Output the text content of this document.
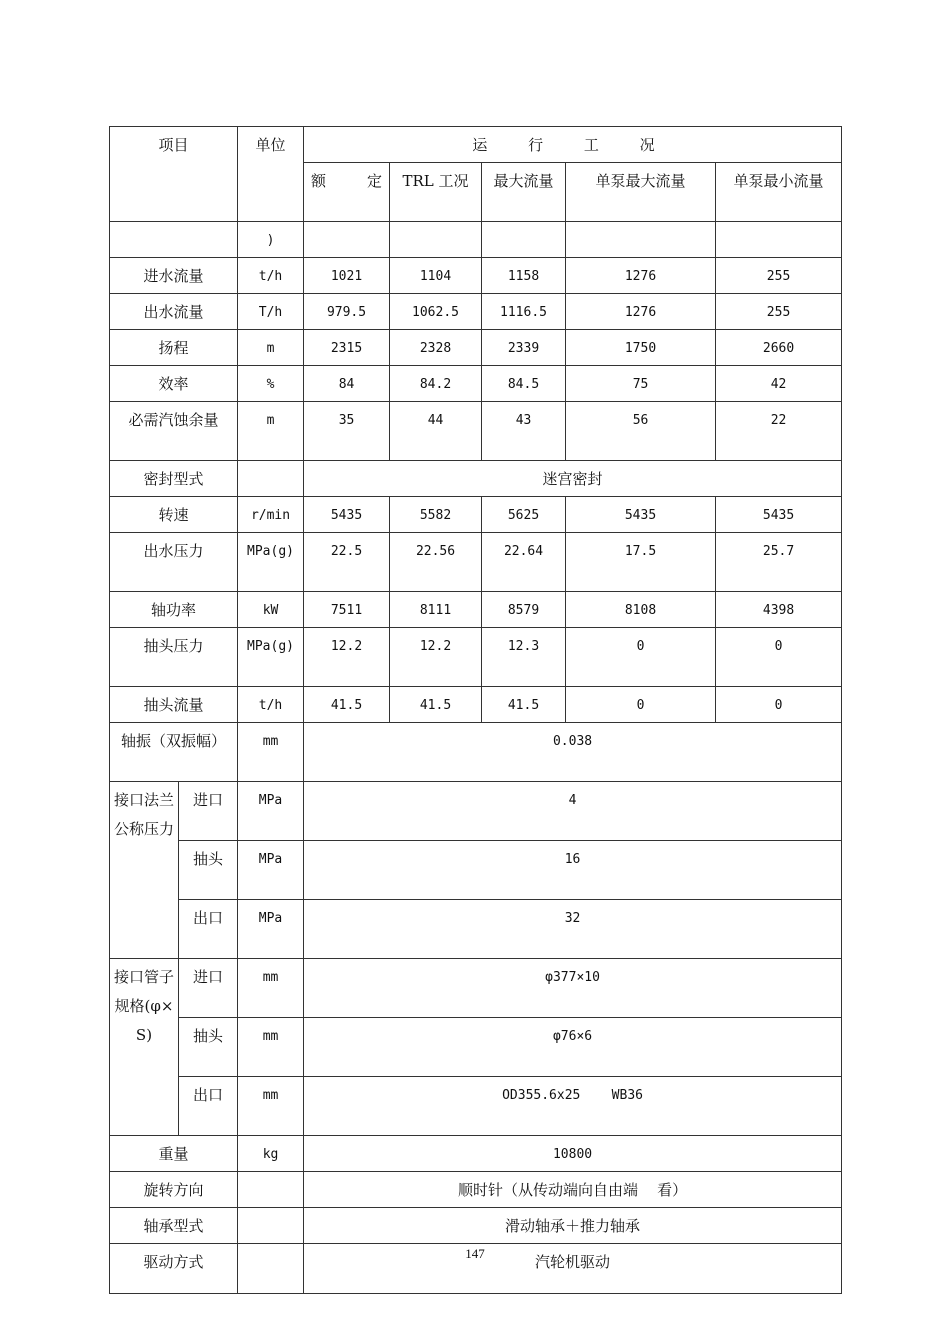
项目		单位	运 行 工 况				

			额 定	TRL 工况	最大流量	单泵最大流量	单泵最小流量
		)					
进水流量		t/h	1021	1104	1158	1276	255
出水流量		T/h	979.5	1062.5	1116.5	1276	255
扬程		m	2315	2328	2339	1750	2660
效率		%	84	84.2	84.5	75	42
必需汽蚀余量		m	35	44	43	56	22
密封型式			迷宫密封				
转速		r/min	5435	5582	5625	5435	5435
出水压力		MPa(g)	22.5	22.56	22.64	17.5	25.7
轴功率		kW	7511	8111	8579	8108	4398
抽头压力		MPa(g)	12.2	12.2	12.3	0	0
抽头流量		t/h	41.5	41.5	41.5	0	0
轴振（双振幅）		mm	0.038				
接口法兰公称压力	进口	MPa	4				
	抽头	MPa	16				
	出口	MPa	32				
接口管子规格(φ×S)	进口	mm	φ377×10				
	抽头	mm	φ76×6				
	出口	mm	OD355.6x25    WB36				
重量		kg	10800				
旋转方向			顺时针（从传动端向自由端    看）				
轴承型式			滑动轴承＋推力轴承				
驱动方式			汽轮机驱动				
147
